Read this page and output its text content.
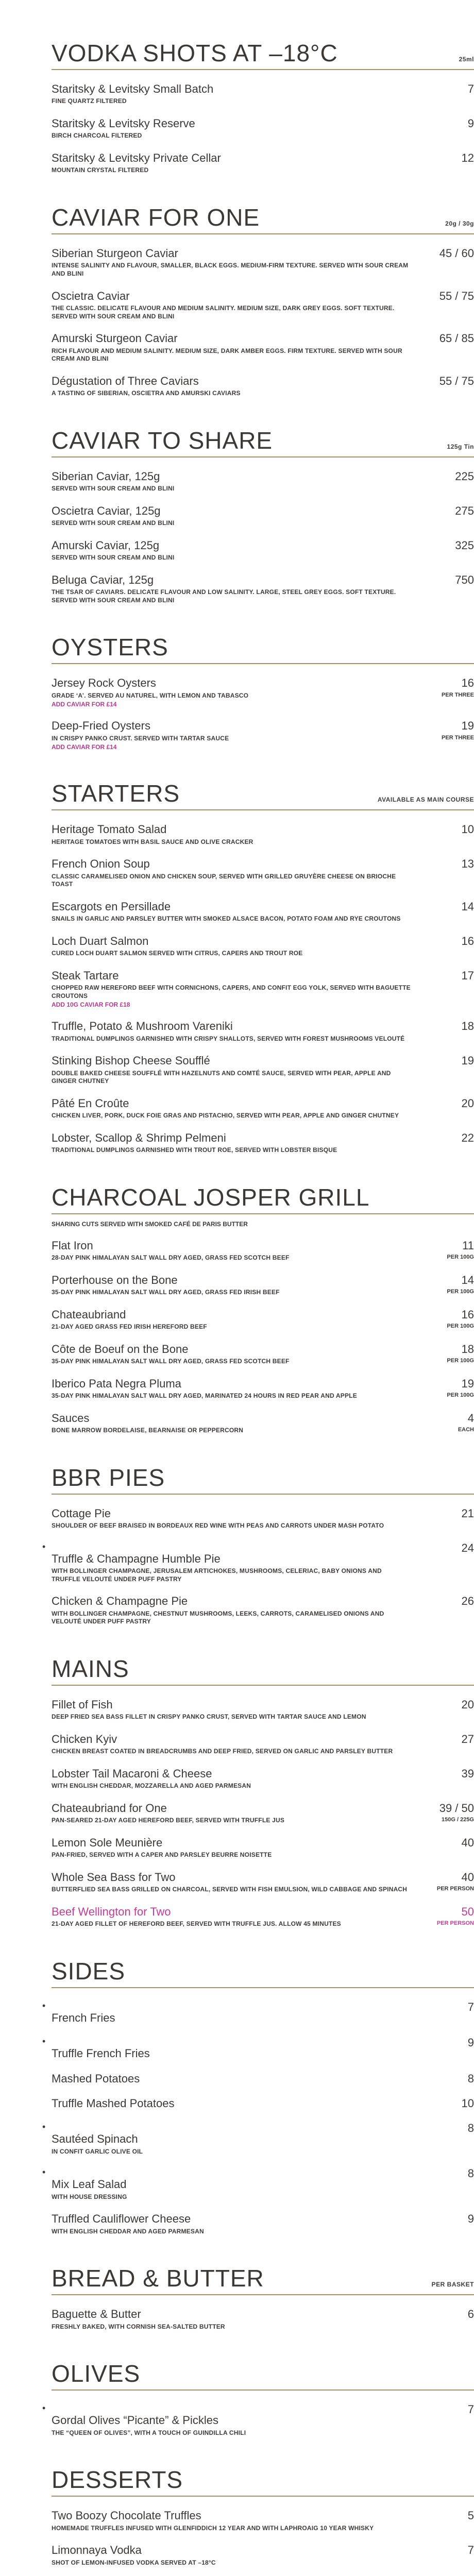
VODKA SHOTS AT –18°C	25ml
Staritsky & Levitsky Small Batch
FINE QUARTZ FILTERED
7
Staritsky & Levitsky Reserve
BIRCH CHARCOAL FILTERED
9
Staritsky & Levitsky Private Cellar
MOUNTAIN CRYSTAL FILTERED
12
CAVIAR FOR ONE	20g / 30g
Siberian Sturgeon Caviar
INTENSE SALINITY AND FLAVOUR, SMALLER, BLACK EGGS. MEDIUM-FIRM TEXTURE. SERVED WITH SOUR CREAM AND BLINI
45 / 60
Oscietra Caviar
THE CLASSIC. DELICATE FLAVOUR AND MEDIUM SALINITY. MEDIUM SIZE, DARK GREY EGGS. SOFT TEXTURE. SERVED WITH SOUR CREAM AND BLINI
55 / 75
Amurski Sturgeon Caviar
RICH FLAVOUR AND MEDIUM SALINITY. MEDIUM SIZE, DARK AMBER EGGS. FIRM TEXTURE. SERVED WITH SOUR CREAM AND BLINI
65 / 85
Dégustation of Three Caviars
A TASTING OF SIBERIAN, OSCIETRA AND AMURSKI CAVIARS
55 / 75
CAVIAR TO SHARE	125g Tin
Siberian Caviar, 125g
SERVED WITH SOUR CREAM AND BLINI
225
Oscietra Caviar, 125g
SERVED WITH SOUR CREAM AND BLINI
275
Amurski Caviar, 125g
SERVED WITH SOUR CREAM AND BLINI
325
Beluga Caviar, 125g
THE TSAR OF CAVIARS. DELICATE FLAVOUR AND LOW SALINITY. LARGE, STEEL GREY EGGS. SOFT TEXTURE. SERVED WITH SOUR CREAM AND BLINI
750
OYSTERS
Jersey Rock Oysters
GRADE ‘A’. SERVED AU NATUREL, WITH LEMON AND TABASCO
ADD CAVIAR FOR £14
16
PER THREE
Deep-Fried Oysters
IN CRISPY PANKO CRUST. SERVED WITH TARTAR SAUCE
ADD CAVIAR FOR £14
19
PER THREE
STARTERS	AVAILABLE AS MAIN COURSE
Heritage Tomato Salad
HERITAGE TOMATOES WITH BASIL SAUCE AND OLIVE CRACKER
10
French Onion Soup
CLASSIC CARAMELISED ONION AND CHICKEN SOUP, SERVED WITH GRILLED GRUYÈRE CHEESE ON BRIOCHE TOAST
13
Escargots en Persillade
SNAILS IN GARLIC AND PARSLEY BUTTER WITH SMOKED ALSACE BACON, POTATO FOAM AND RYE CROUTONS
14
Loch Duart Salmon
CURED LOCH DUART SALMON SERVED WITH CITRUS, CAPERS AND TROUT ROE
16
Steak Tartare
CHOPPED RAW HEREFORD BEEF WITH CORNICHONS, CAPERS, AND CONFIT EGG YOLK, SERVED WITH BAGUETTE CROUTONS
ADD 10G CAVIAR FOR £18
17
Truffle, Potato & Mushroom Vareniki
TRADITIONAL DUMPLINGS GARNISHED WITH CRISPY SHALLOTS, SERVED WITH FOREST MUSHROOMS VELOUTÉ
18
Stinking Bishop Cheese Soufflé
DOUBLE BAKED CHEESE SOUFFLÉ WITH HAZELNUTS AND COMTÉ SAUCE, SERVED WITH PEAR, APPLE AND GINGER CHUTNEY
19
Pâté En Croûte
CHICKEN LIVER, PORK, DUCK FOIE GRAS AND PISTACHIO, SERVED WITH PEAR, APPLE AND GINGER CHUTNEY
20
Lobster, Scallop & Shrimp Pelmeni
TRADITIONAL DUMPLINGS GARNISHED WITH TROUT ROE, SERVED WITH LOBSTER BISQUE
22
CHARCOAL JOSPER GRILL
SHARING CUTS SERVED WITH SMOKED CAFÉ DE PARIS BUTTER
Flat Iron
28-DAY PINK HIMALAYAN SALT WALL DRY AGED, GRASS FED SCOTCH BEEF
11
PER 100G
Porterhouse on the Bone
35-DAY PINK HIMALAYAN SALT WALL DRY AGED, GRASS FED IRISH BEEF
14
PER 100G
Chateaubriand
21-DAY AGED GRASS FED IRISH HEREFORD BEEF
16
PER 100G
Côte de Boeuf on the Bone
35-DAY PINK HIMALAYAN SALT WALL DRY AGED, GRASS FED SCOTCH BEEF
18
PER 100G
Iberico Pata Negra Pluma
35-DAY PINK HIMALAYAN SALT WALL DRY AGED, MARINATED 24 HOURS IN RED PEAR AND APPLE
19
PER 100G
Sauces
BONE MARROW BORDELAISE, BEARNAISE OR PEPPERCORN
4
EACH
BBR PIES
Cottage Pie
SHOULDER OF BEEF BRAISED IN BORDEAUX RED WINE WITH PEAS AND CARROTS UNDER MASH POTATO
21
• Truffle & Champagne Humble Pie
WITH BOLLINGER CHAMPAGNE, JERUSALEM ARTICHOKES, MUSHROOMS, CELERIAC, BABY ONIONS AND TRUFFLE VELOUTÉ UNDER PUFF PASTRY
24
Chicken & Champagne Pie
WITH BOLLINGER CHAMPAGNE, CHESTNUT MUSHROOMS, LEEKS, CARROTS, CARAMELISED ONIONS AND VELOUTÉ UNDER PUFF PASTRY
26
MAINS
Fillet of Fish
DEEP FRIED SEA BASS FILLET IN CRISPY PANKO CRUST, SERVED WITH TARTAR SAUCE AND LEMON
20
Chicken Kyiv
CHICKEN BREAST COATED IN BREADCRUMBS AND DEEP FRIED, SERVED ON GARLIC AND PARSLEY BUTTER
27
Lobster Tail Macaroni & Cheese
WITH ENGLISH CHEDDAR, MOZZARELLA AND AGED PARMESAN
39
Chateaubriand for One
PAN-SEARED 21-DAY AGED HEREFORD BEEF, SERVED WITH TRUFFLE JUS
39 / 50
150G / 225G
Lemon Sole Meunière
PAN-FRIED, SERVED WITH A CAPER AND PARSLEY BEURRE NOISETTE
40
Whole Sea Bass for Two
BUTTERFLIED SEA BASS GRILLED ON CHARCOAL, SERVED WITH FISH EMULSION, WILD CABBAGE AND SPINACH
40
PER PERSON
Beef Wellington for Two
21-DAY AGED FILLET OF HEREFORD BEEF, SERVED WITH TRUFFLE JUS. ALLOW 45 MINUTES
50
PER PERSON
SIDES
• French Fries
7
• Truffle French Fries
9
Mashed Potatoes	8
Truffle Mashed Potatoes	10
• Sautéed Spinach
IN CONFIT GARLIC OLIVE OIL
8
• Mix Leaf Salad
WITH HOUSE DRESSING
8
Truffled Cauliflower Cheese
WITH ENGLISH CHEDDAR AND AGED PARMESAN
9
BREAD & BUTTER	PER BASKET
Baguette & Butter
FRESHLY BAKED, WITH CORNISH SEA-SALTED BUTTER
6
OLIVES
• Gordal Olives “Picante” & Pickles
THE “QUEEN OF OLIVES”, WITH A TOUCH OF GUINDILLA CHILI
7
DESSERTS
Two Boozy Chocolate Truffles
HOMEMADE TRUFFLES INFUSED WITH GLENFIDDICH 12 YEAR AND WITH LAPHROAIG 10 YEAR WHISKY
5
Limonnaya Vodka
SHOT OF LEMON-INFUSED VODKA SERVED AT –18°C
7
